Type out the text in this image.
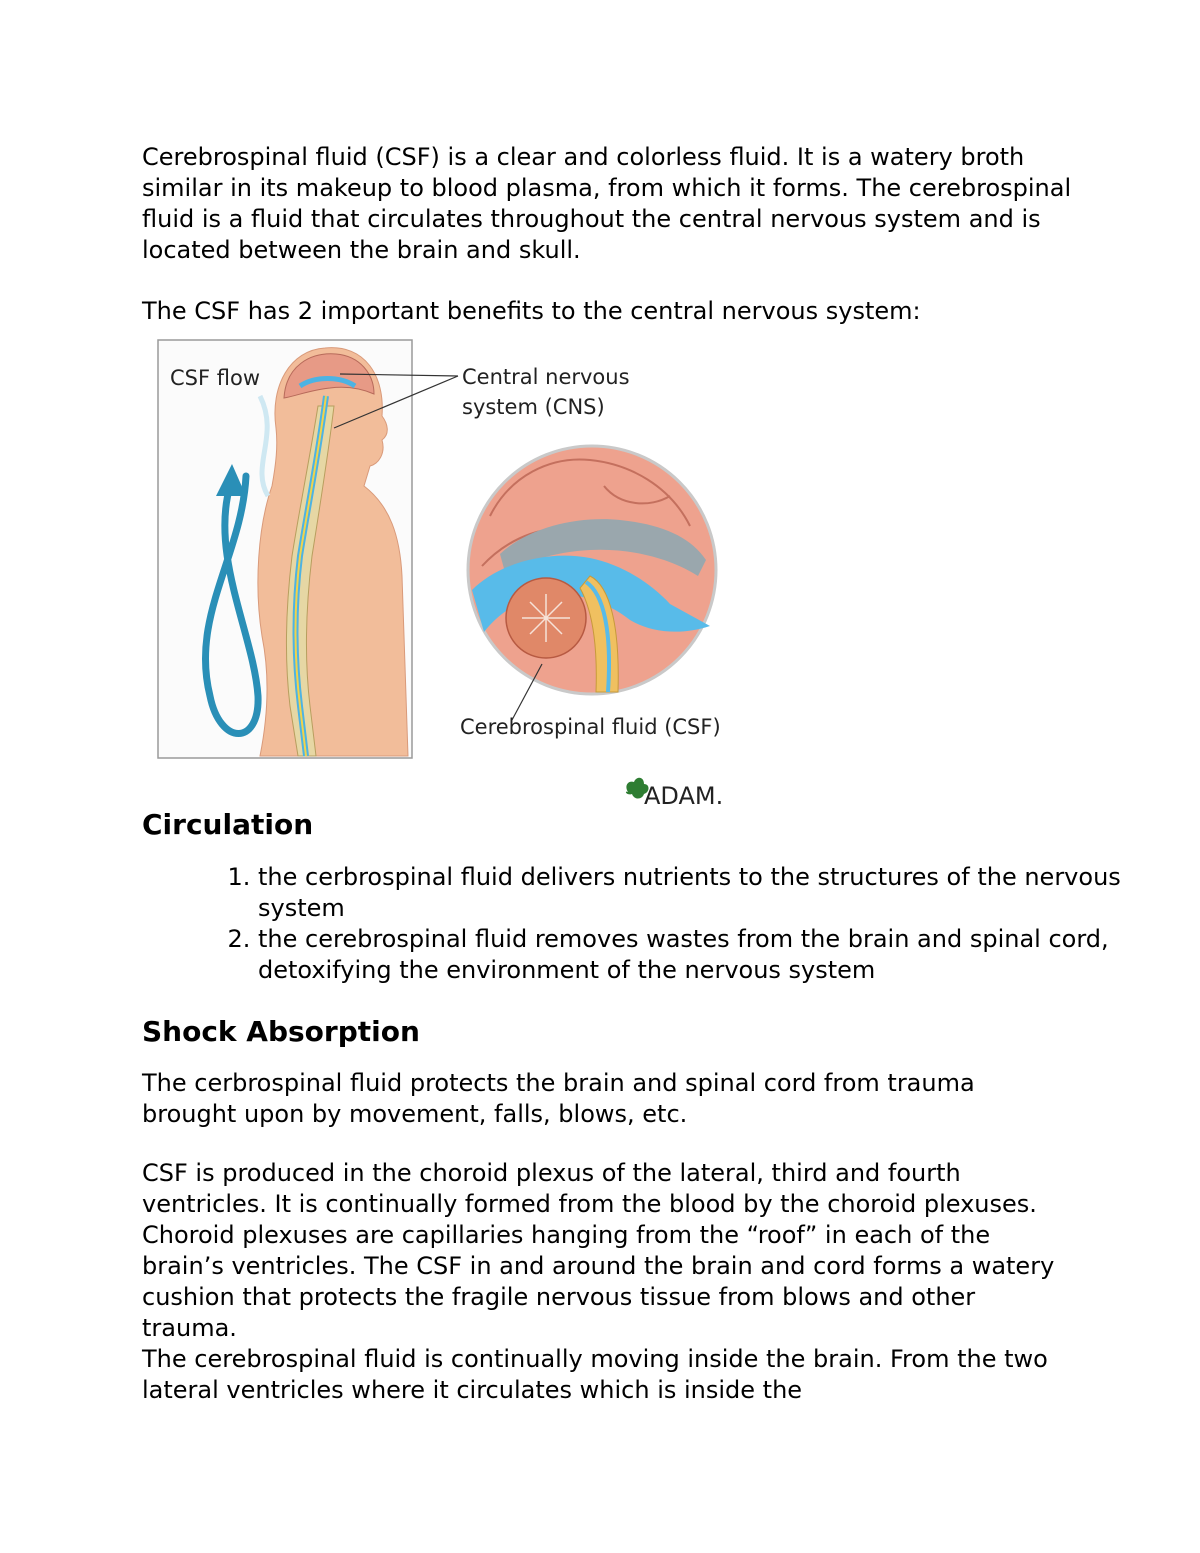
Cerebrospinal fluid (CSF) is a clear and colorless fluid. It is a watery broth similar in its makeup to blood plasma, from which it forms. The cerebrospinal fluid is a fluid that circulates throughout the central nervous system and is located between the brain and skull.

The CSF has 2 important benefits to the central nervous system:

CSF flow	Central nervous
system (CNS)
Cerebrospinal fluid (CSF)
ADAM.
Circulation
1. the cerbrospinal fluid delivers nutrients to the structures of the nervous system
2. the cerebrospinal fluid removes wastes from the brain and spinal cord, detoxifying the environment of the nervous system
Shock Absorption

The cerbrospinal fluid protects the brain and spinal cord from trauma brought upon by movement, falls, blows, etc.

CSF is produced in the choroid plexus of the lateral, third and fourth ventricles. It is continually formed from the blood by the choroid plexuses. Choroid plexuses are capillaries hanging from the “roof” in each of the brain’s ventricles. The CSF in and around the brain and cord forms a watery cushion that protects the fragile nervous tissue from blows and other trauma.

The cerebrospinal fluid is continually moving inside the brain. From the two lateral ventricles where it circulates which is inside the
